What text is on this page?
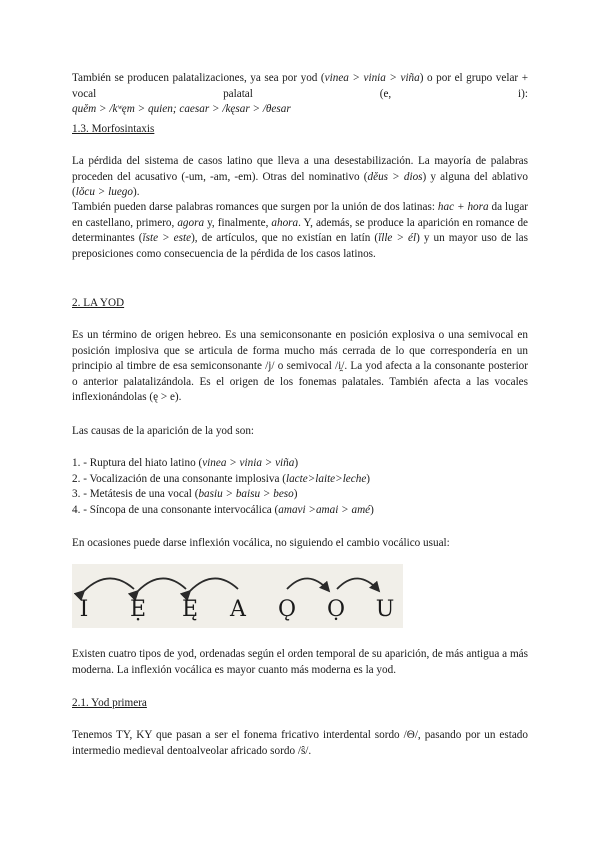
También se producen palatalizaciones, ya sea por yod (vinea > vinia > viña) o por el grupo velar + vocal palatal (e, i):
quĕm > /kʷęm > quien; caesar > /kęsar > /θesar
1.3. Morfosintaxis
La pérdida del sistema de casos latino que lleva a una desestabilización. La mayoría de palabras proceden del acusativo (-um, -am, -em). Otras del nominativo (dĕus > dios) y alguna del ablativo (lŏcu > luego).
También pueden darse palabras romances que surgen por la unión de dos latinas: hac + hora da lugar en castellano, primero, agora y, finalmente, ahora. Y, además, se produce la aparición en romance de determinantes (ĭste > este), de artículos, que no existían en latín (ĭlle > él) y un mayor uso de las preposiciones como consecuencia de la pérdida de los casos latinos.
2. LA YOD
Es un término de origen hebreo. Es una semiconsonante en posición explosiva o una semivocal en posición implosiva que se articula de forma mucho más cerrada de lo que correspondería en un principio al timbre de esa semiconsonante /j/ o semivocal /i̯/. La yod afecta a la consonante posterior o anterior palatalizándola. Es el origen de los fonemas palatales. También afecta a las vocales inflexionándolas (ę > e).
Las causas de la aparición de la yod son:
1. - Ruptura del hiato latino (vinea > vinia > viña)
2. - Vocalización de una consonante implosiva (lacte>laite>leche)
3. - Metátesis de una vocal (basiu > baisu > beso)
4. - Síncopa de una consonante intervocálica (amavi >amai > amé)
En ocasiones puede darse inflexión vocálica, no siguiendo el cambio vocálico usual:
I Ẹ Ę A Ǫ Ọ U
Existen cuatro tipos de yod, ordenadas según el orden temporal de su aparición, de más antigua a más moderna. La inflexión vocálica es mayor cuanto más moderna es la yod.
2.1. Yod primera
Tenemos TY, KY que pasan a ser el fonema fricativo interdental sordo /Θ/, pasando por un estado intermedio medieval dentoalveolar africado sordo /ŝ/.
